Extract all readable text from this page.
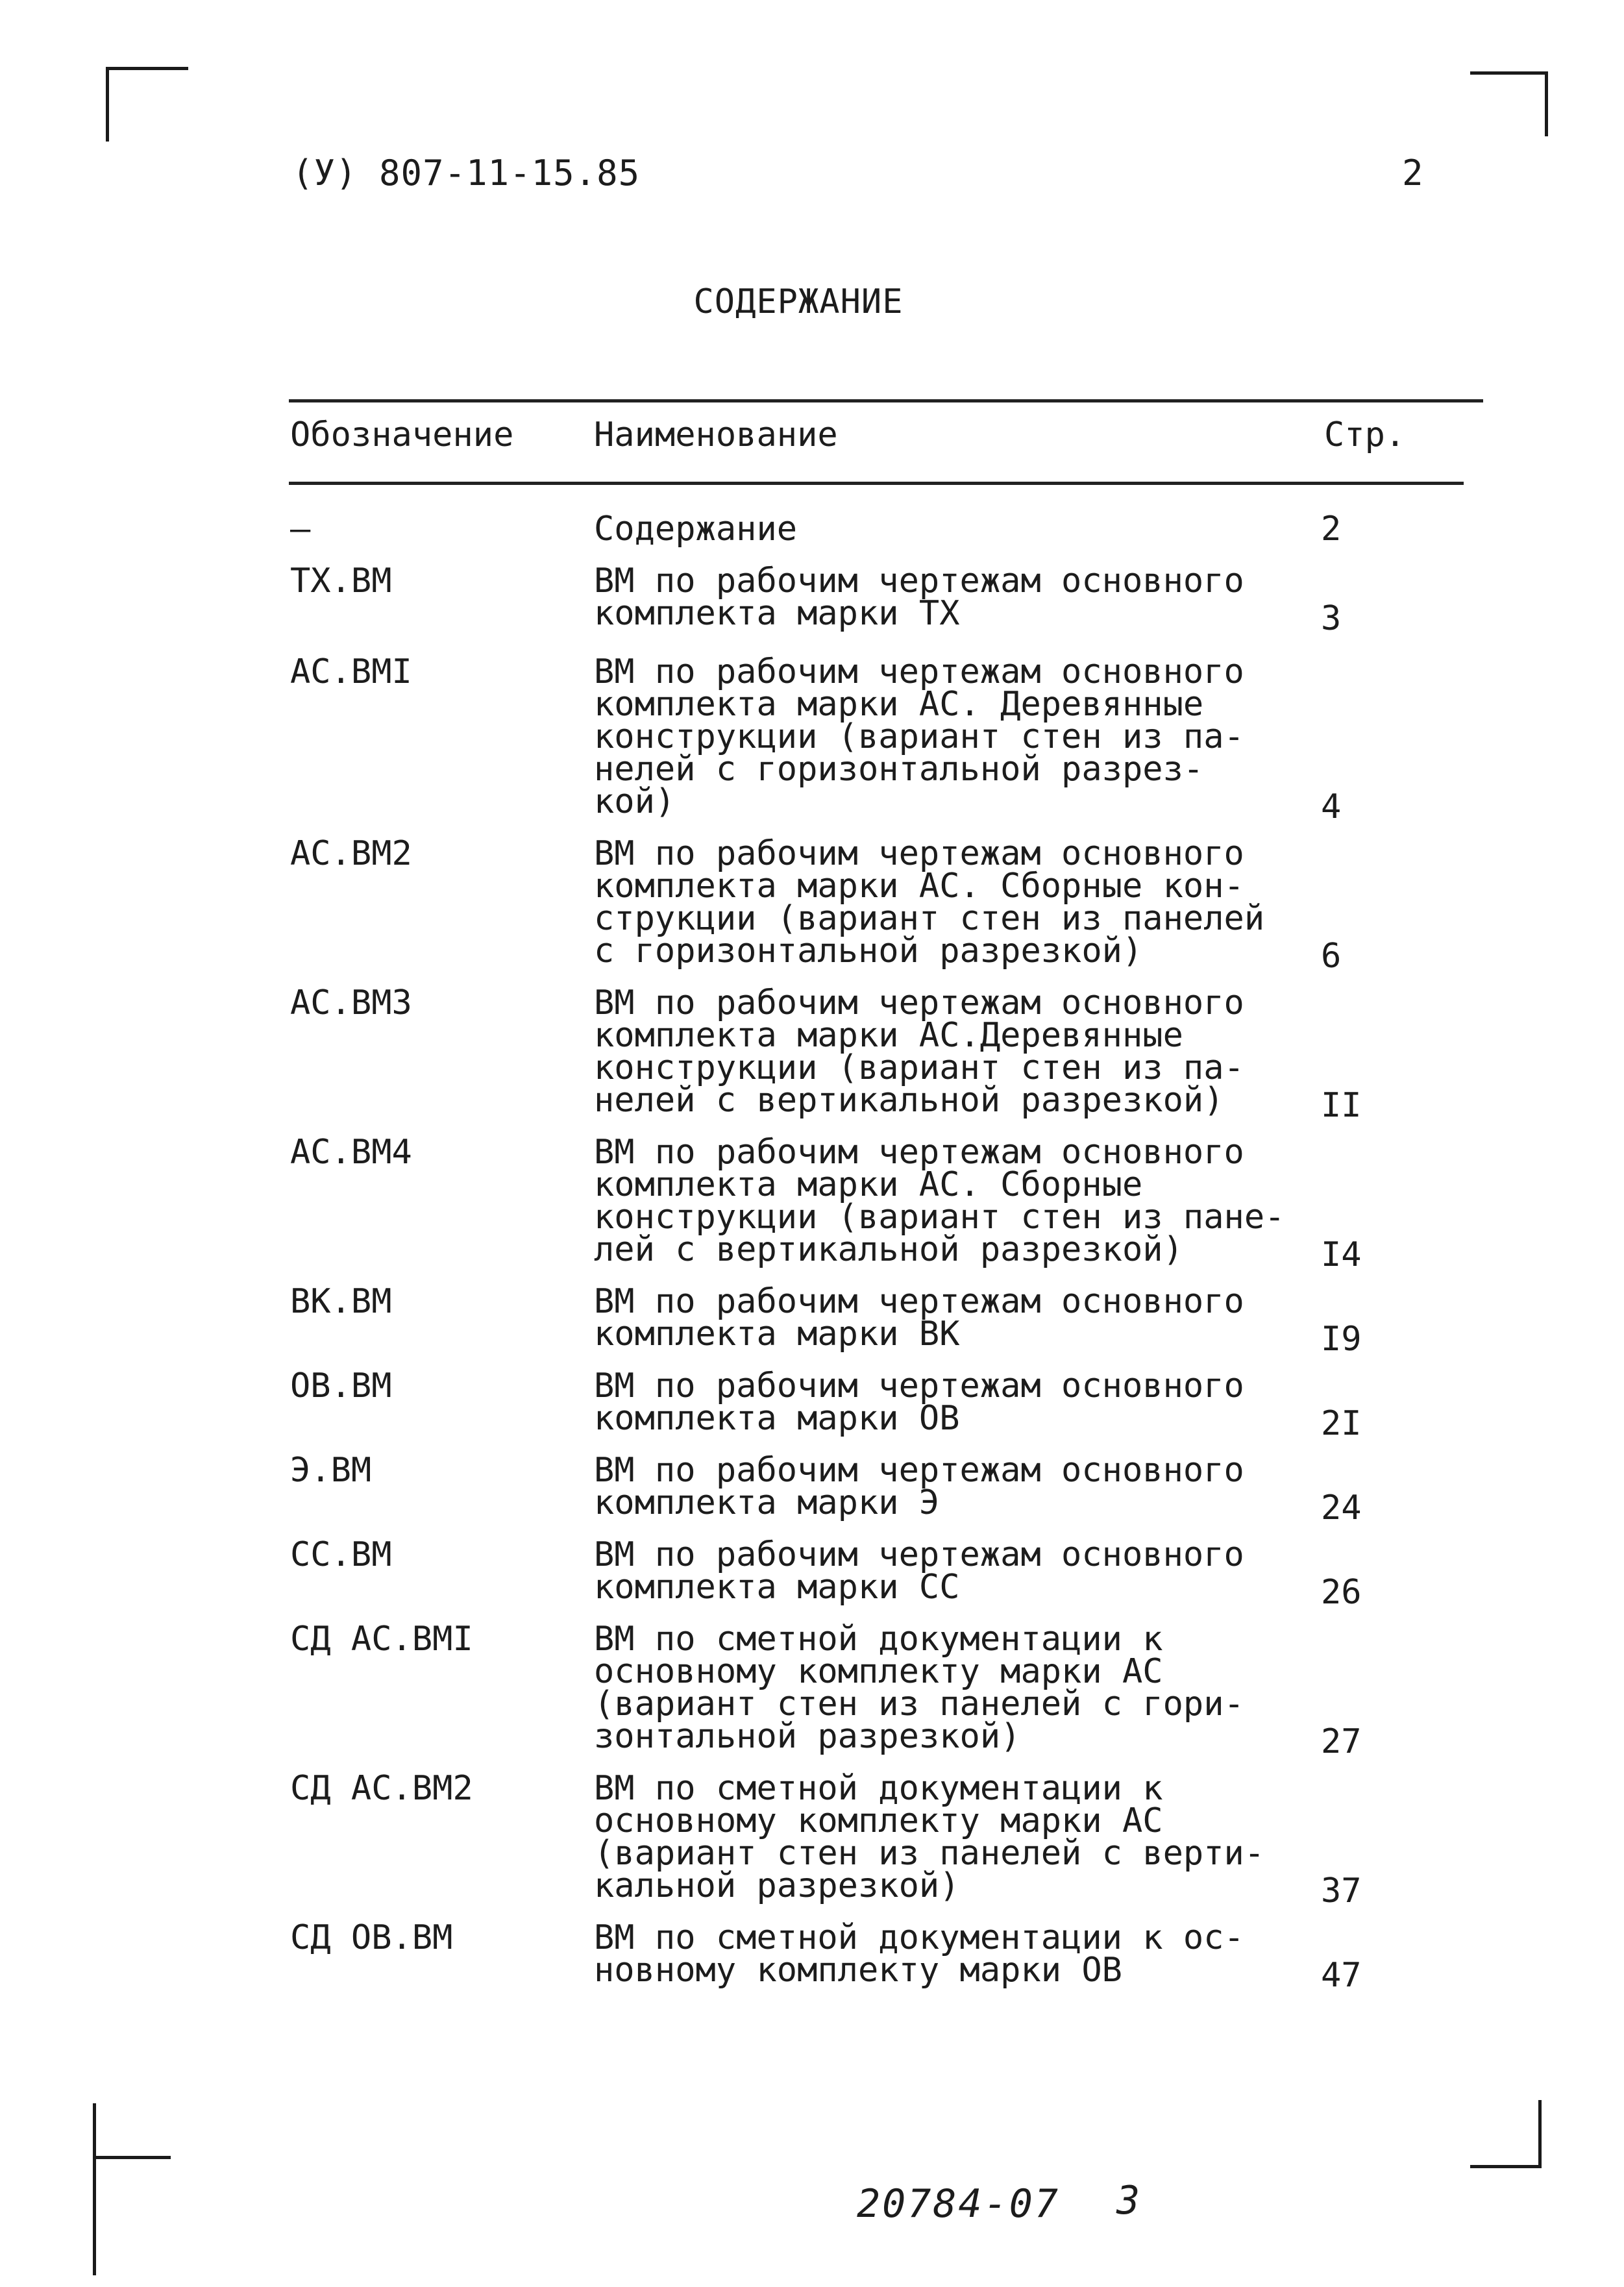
(У) 807-11-15.85	2
СОДЕРЖАНИЕ
Обозначение Наименование	Стр.
–	Содержание	2
ТХ.ВМ	ВМ по рабочим чертежам основного
комплекта марки ТХ	3
АС.ВМI	ВМ по рабочим чертежам основного
комплекта марки АС. Деревянные
конструкции (вариант стен из па-
нелей с горизонтальной разрез-
кой)	4
АС.ВМ2	ВМ по рабочим чертежам основного
комплекта марки АС. Сборные кон-
струкции (вариант стен из панелей
с горизонтальной разрезкой)	6
АС.ВМ3	ВМ по рабочим чертежам основного
комплекта марки АС.Деревянные
конструкции (вариант стен из па-
нелей с вертикальной разрезкой)	II
АС.ВМ4	ВМ по рабочим чертежам основного
комплекта марки АС. Сборные
конструкции (вариант стен из пане-
лей с вертикальной разрезкой)	I4
ВК.ВМ	ВМ по рабочим чертежам основного
комплекта марки ВК	I9
ОВ.ВМ	ВМ по рабочим чертежам основного
комплекта марки ОВ	2I
Э.ВМ	ВМ по рабочим чертежам основного
комплекта марки Э	24
СС.ВМ	ВМ по рабочим чертежам основного
комплекта марки СС	26
СД АС.ВМI	ВМ по сметной документации к
основному комплекту марки АС
(вариант стен из панелей с гори-
зонтальной разрезкой)	27
СД АС.ВМ2	ВМ по сметной документации к
основному комплекту марки АС
(вариант стен из панелей с верти-
кальной разрезкой)	37
СД ОВ.ВМ	ВМ по сметной документации к ос-
новному комплекту марки ОВ	47
20784-07 3
